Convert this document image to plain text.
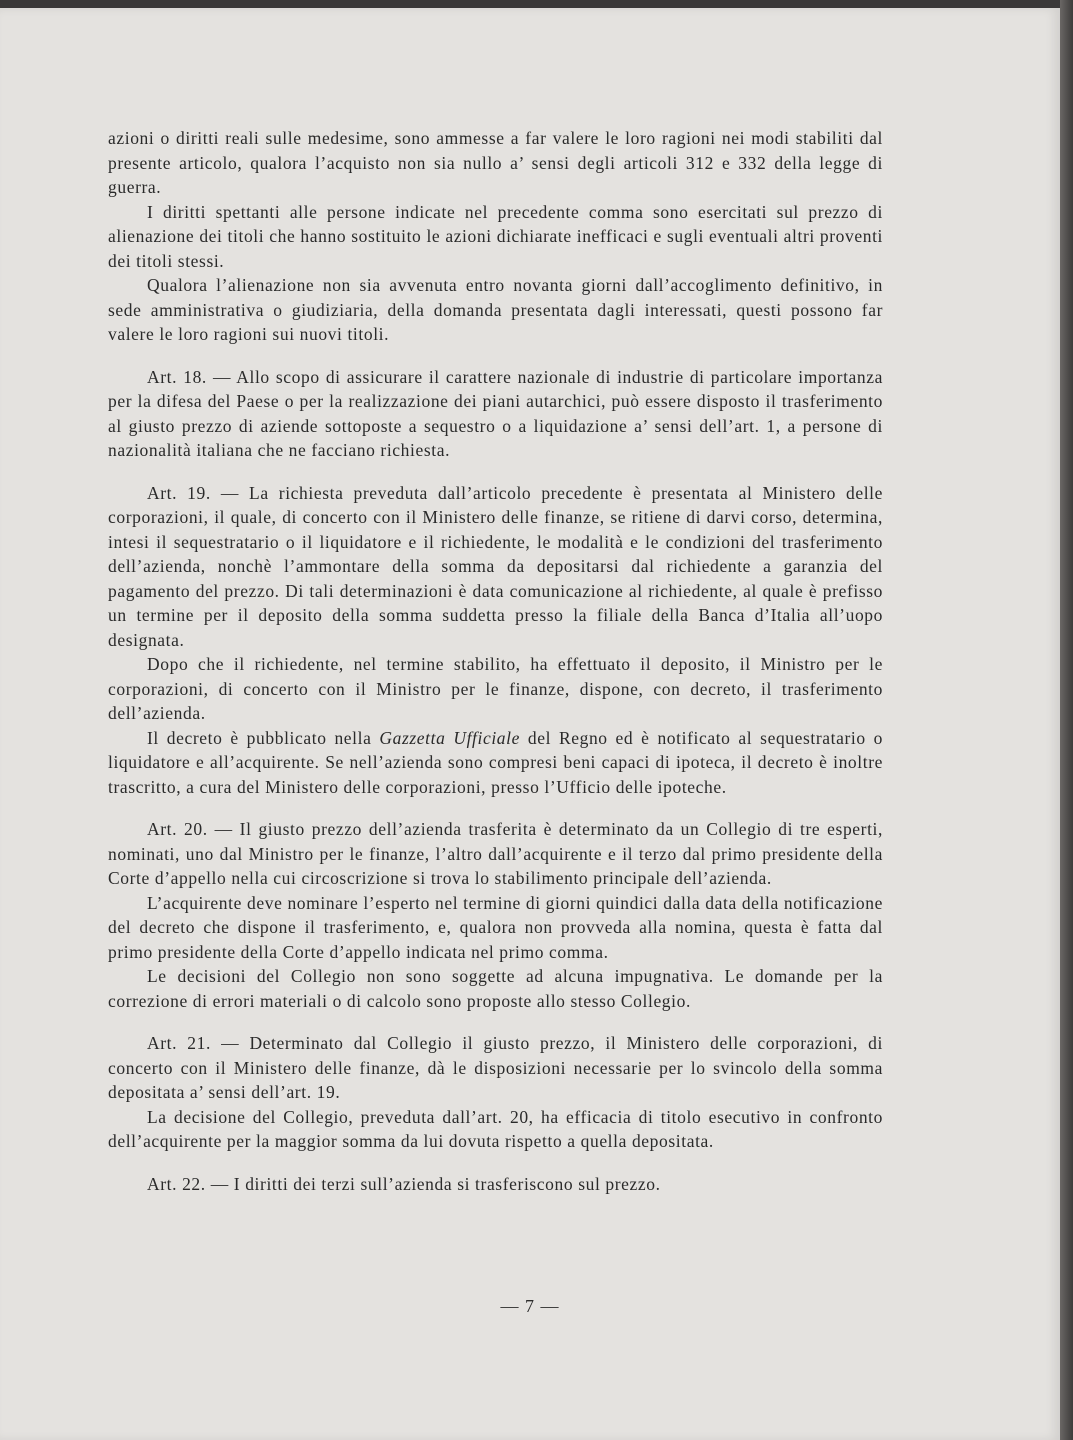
azioni o diritti reali sulle medesime, sono ammesse a far valere le loro ragioni nei modi stabiliti dal presente articolo, qualora l’acquisto non sia nullo a’ sensi degli articoli 312 e 332 della legge di guerra.

I diritti spettanti alle persone indicate nel precedente comma sono esercitati sul prezzo di alienazione dei titoli che hanno sostituito le azioni dichiarate inefficaci e sugli eventuali altri proventi dei titoli stessi.

Qualora l’alienazione non sia avvenuta entro novanta giorni dall’accoglimento definitivo, in sede amministrativa o giudiziaria, della domanda presentata dagli interessati, questi possono far valere le loro ragioni sui nuovi titoli.

Art. 18. — Allo scopo di assicurare il carattere nazionale di industrie di particolare importanza per la difesa del Paese o per la realizzazione dei piani autarchici, può essere disposto il trasferimento al giusto prezzo di aziende sottoposte a sequestro o a liquidazione a’ sensi dell’art. 1, a persone di nazionalità italiana che ne facciano richiesta.

Art. 19. — La richiesta preveduta dall’articolo precedente è presentata al Ministero delle corporazioni, il quale, di concerto con il Ministero delle finanze, se ritiene di darvi corso, determina, intesi il sequestratario o il liquidatore e il richiedente, le modalità e le condizioni del trasferimento dell’azienda, nonchè l’ammontare della somma da depositarsi dal richiedente a garanzia del pagamento del prezzo. Di tali determinazioni è data comunicazione al richiedente, al quale è prefisso un termine per il deposito della somma suddetta presso la filiale della Banca d’Italia all’uopo designata.

Dopo che il richiedente, nel termine stabilito, ha effettuato il deposito, il Ministro per le corporazioni, di concerto con il Ministro per le finanze, dispone, con decreto, il trasferimento dell’azienda.

Il decreto è pubblicato nella Gazzetta Ufficiale del Regno ed è notificato al sequestratario o liquidatore e all’acquirente. Se nell’azienda sono compresi beni capaci di ipoteca, il decreto è inoltre trascritto, a cura del Ministero delle corporazioni, presso l’Ufficio delle ipoteche.

Art. 20. — Il giusto prezzo dell’azienda trasferita è determinato da un Collegio di tre esperti, nominati, uno dal Ministro per le finanze, l’altro dall’acquirente e il terzo dal primo presidente della Corte d’appello nella cui circoscrizione si trova lo stabilimento principale dell’azienda.

L’acquirente deve nominare l’esperto nel termine di giorni quindici dalla data della notificazione del decreto che dispone il trasferimento, e, qualora non provveda alla nomina, questa è fatta dal primo presidente della Corte d’appello indicata nel primo comma.

Le decisioni del Collegio non sono soggette ad alcuna impugnativa. Le domande per la correzione di errori materiali o di calcolo sono proposte allo stesso Collegio.

Art. 21. — Determinato dal Collegio il giusto prezzo, il Ministero delle corporazioni, di concerto con il Ministero delle finanze, dà le disposizioni necessarie per lo svincolo della somma depositata a’ sensi dell’art. 19.

La decisione del Collegio, preveduta dall’art. 20, ha efficacia di titolo esecutivo in confronto dell’acquirente per la maggior somma da lui dovuta rispetto a quella depositata.

Art. 22. — I diritti dei terzi sull’azienda si trasferiscono sul prezzo.

— 7 —
